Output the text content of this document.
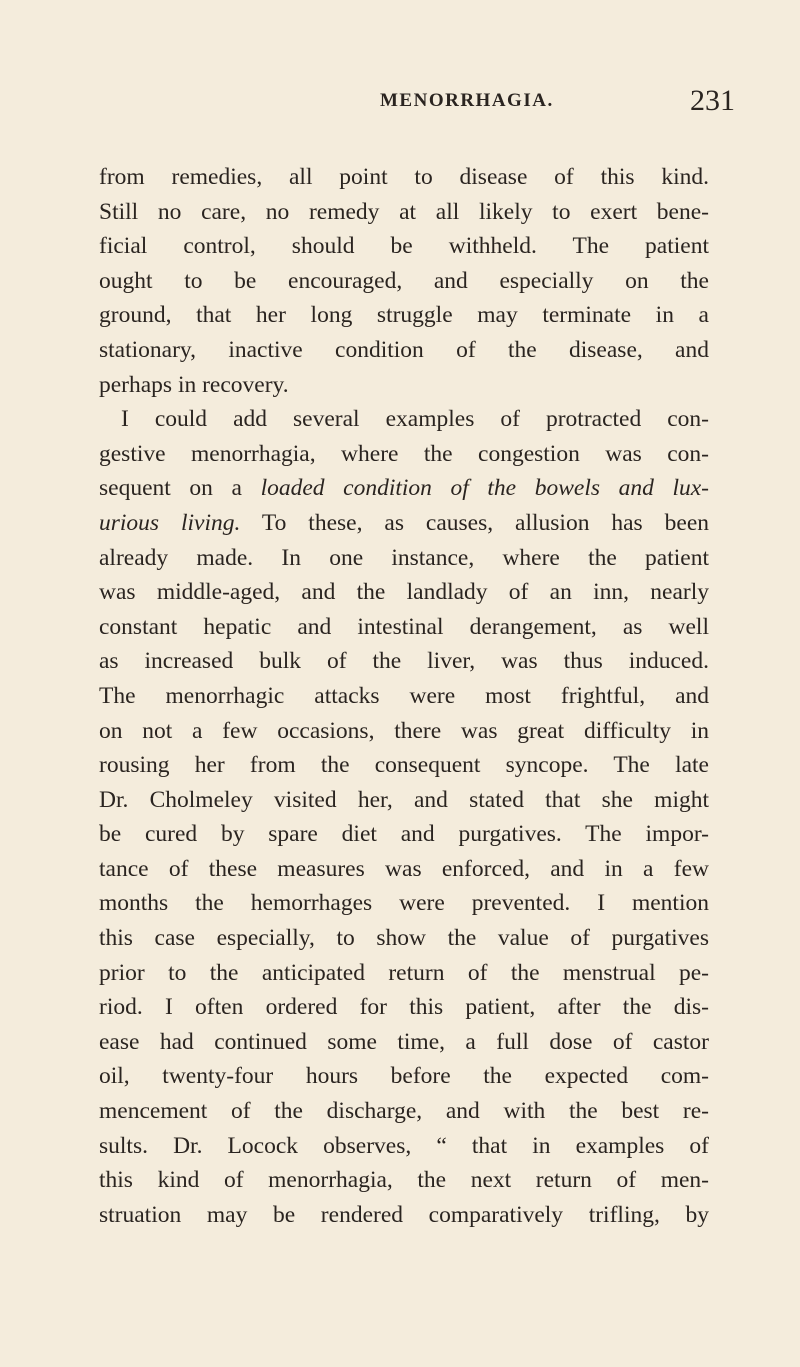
MENORRHAGIA.	231
from remedies, all point to disease of this kind.
Still no care, no remedy at all likely to exert bene-
ficial control, should be withheld. The patient
ought to be encouraged, and especially on the
ground, that her long struggle may terminate in a
stationary, inactive condition of the disease, and
perhaps in recovery.
I could add several examples of protracted con-
gestive menorrhagia, where the congestion was con-
sequent on a loaded condition of the bowels and lux-
urious living. To these, as causes, allusion has been
already made. In one instance, where the patient
was middle-aged, and the landlady of an inn, nearly
constant hepatic and intestinal derangement, as well
as increased bulk of the liver, was thus induced.
The menorrhagic attacks were most frightful, and
on not a few occasions, there was great difficulty in
rousing her from the consequent syncope. The late
Dr. Cholmeley visited her, and stated that she might
be cured by spare diet and purgatives. The impor-
tance of these measures was enforced, and in a few
months the hemorrhages were prevented. I mention
this case especially, to show the value of purgatives
prior to the anticipated return of the menstrual pe-
riod. I often ordered for this patient, after the dis-
ease had continued some time, a full dose of castor
oil, twenty-four hours before the expected com-
mencement of the discharge, and with the best re-
sults. Dr. Locock observes, “ that in examples of
this kind of menorrhagia, the next return of men-
struation may be rendered comparatively trifling, by
